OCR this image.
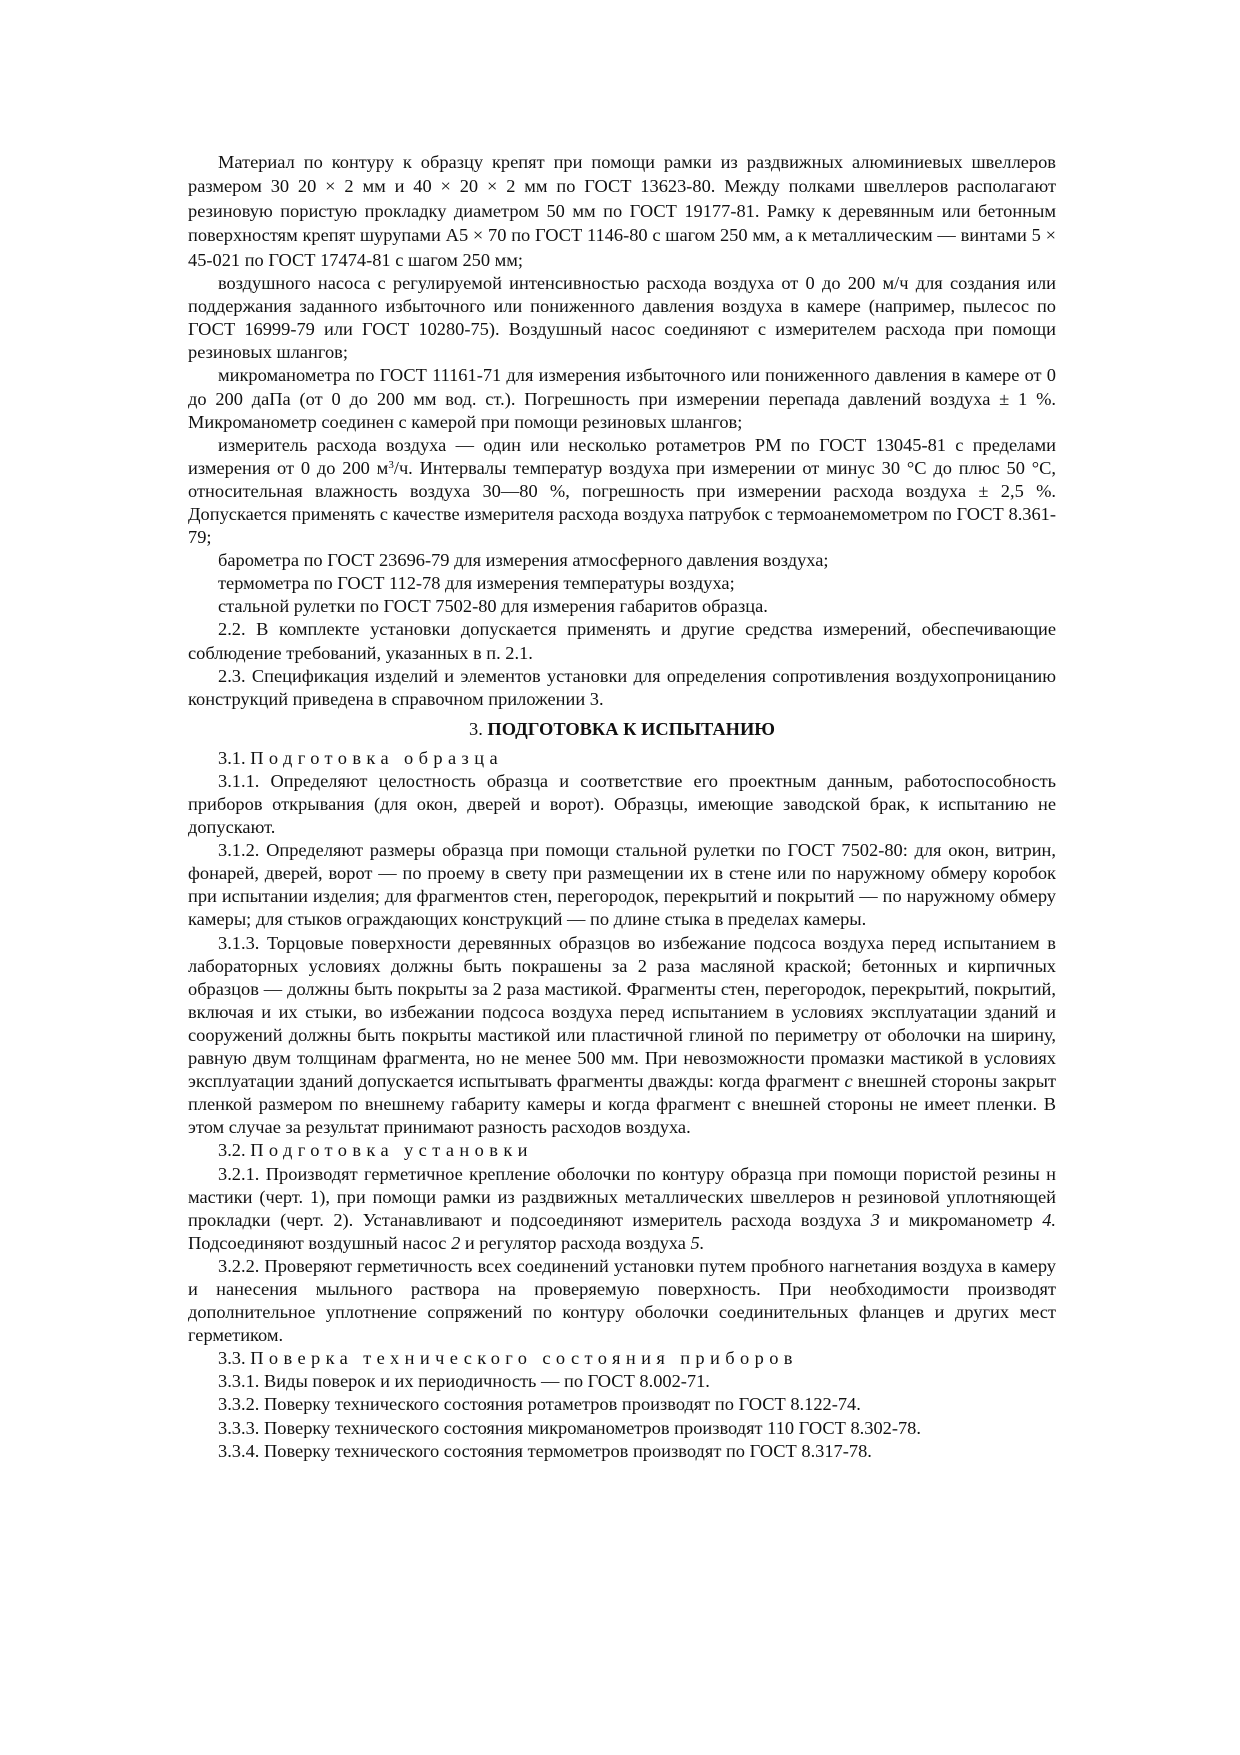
Материал по контуру к образцу крепят при помощи рамки из раздвижных алюминиевых швеллеров размером 30 20 × 2 мм и 40 × 20 × 2 мм по ГОСТ 13623-80. Между полками швеллеров располагают резиновую пористую прокладку диаметром 50 мм по ГОСТ 19177-81. Рамку к деревянным или бетонным поверхностям крепят шурупами А5 × 70 по ГОСТ 1146-80 с шагом 250 мм, а к металлическим — винтами 5 × 45-021 по ГОСТ 17474-81 с шагом 250 мм;

воздушного насоса с регулируемой интенсивностью расхода воздуха от 0 до 200 м/ч для создания или поддержания заданного избыточного или пониженного давления воздуха в камере (например, пылесос по ГОСТ 16999-79 или ГОСТ 10280-75). Воздушный насос соединяют с измерителем расхода при помощи резиновых шлангов;

микроманометра по ГОСТ 11161-71 для измерения избыточного или пониженного давления в камере от 0 до 200 даПа (от 0 до 200 мм вод. ст.). Погрешность при измерении перепада давлений воздуха ± 1 %. Микроманометр соединен с камерой при помощи резиновых шлангов;

измеритель расхода воздуха — один или несколько ротаметров РМ по ГОСТ 13045-81 с пределами измерения от 0 до 200 $м^3/ч$. Интервалы температур воздуха при измерении от минус 30 °С до плюс 50 °С, относительная влажность воздуха 30—80 %, погрешность при измерении расхода воздуха ± 2,5 %. Допускается применять с качестве измерителя расхода воздуха патрубок с термоанемометром по ГОСТ 8.361-79;

барометра по ГОСТ 23696-79 для измерения атмосферного давления воздуха;

термометра по ГОСТ 112-78 для измерения температуры воздуха;

стальной рулетки по ГОСТ 7502-80 для измерения габаритов образца.

2.2. В комплекте установки допускается применять и другие средства измерений, обеспечивающие соблюдение требований, указанных в п. 2.1.

2.3. Спецификация изделий и элементов установки для определения сопротивления воздухопроницанию конструкций приведена в справочном приложении 3.

3. ПОДГОТОВКА К ИСПЫТАНИЮ

3.1. Подготовка образца

3.1.1. Определяют целостность образца и соответствие его проектным данным, работоспособность приборов открывания (для окон, дверей и ворот). Образцы, имеющие заводской брак, к испытанию не допускают.

3.1.2. Определяют размеры образца при помощи стальной рулетки по ГОСТ 7502-80: для окон, витрин, фонарей, дверей, ворот — по проему в свету при размещении их в стене или по наружному обмеру коробок при испытании изделия; для фрагментов стен, перегородок, перекрытий и покрытий — по наружному обмеру камеры; для стыков ограждающих конструкций — по длине стыка в пределах камеры.

3.1.3. Торцовые поверхности деревянных образцов во избежание подсоса воздуха перед испытанием в лабораторных условиях должны быть покрашены за 2 раза масляной краской; бетонных и кирпичных образцов — должны быть покрыты за 2 раза мастикой. Фрагменты стен, перегородок, перекрытий, покрытий, включая и их стыки, во избежании подсоса воздуха перед испытанием в условиях эксплуатации зданий и сооружений должны быть покрыты мастикой или пластичной глиной по периметру от оболочки на ширину, равную двум толщинам фрагмента, но не менее 500 мм. При невозможности промазки мастикой в условиях эксплуатации зданий допускается испытывать фрагменты дважды: когда фрагмент с внешней стороны закрыт пленкой размером по внешнему габариту камеры и когда фрагмент с внешней стороны не имеет пленки. В этом случае за результат принимают разность расходов воздуха.

3.2. Подготовка установки

3.2.1. Производят герметичное крепление оболочки по контуру образца при помощи пористой резины н мастики (черт. 1), при помощи рамки из раздвижных металлических швеллеров н резиновой уплотняющей прокладки (черт. 2). Устанавливают и подсоединяют измеритель расхода воздуха 3 и микроманометр 4. Подсоединяют воздушный насос 2 и регулятор расхода воздуха 5.

3.2.2. Проверяют герметичность всех соединений установки путем пробного нагнетания воздуха в камеру и нанесения мыльного раствора на проверяемую поверхность. При необходимости производят дополнительное уплотнение сопряжений по контуру оболочки соединительных фланцев и других мест герметиком.

3.3. Поверка технического состояния приборов

3.3.1. Виды поверок и их периодичность — по ГОСТ 8.002-71.

3.3.2. Поверку технического состояния ротаметров производят по ГОСТ 8.122-74.

3.3.3. Поверку технического состояния микроманометров производят 110 ГОСТ 8.302-78.

3.3.4. Поверку технического состояния термометров производят по ГОСТ 8.317-78.
